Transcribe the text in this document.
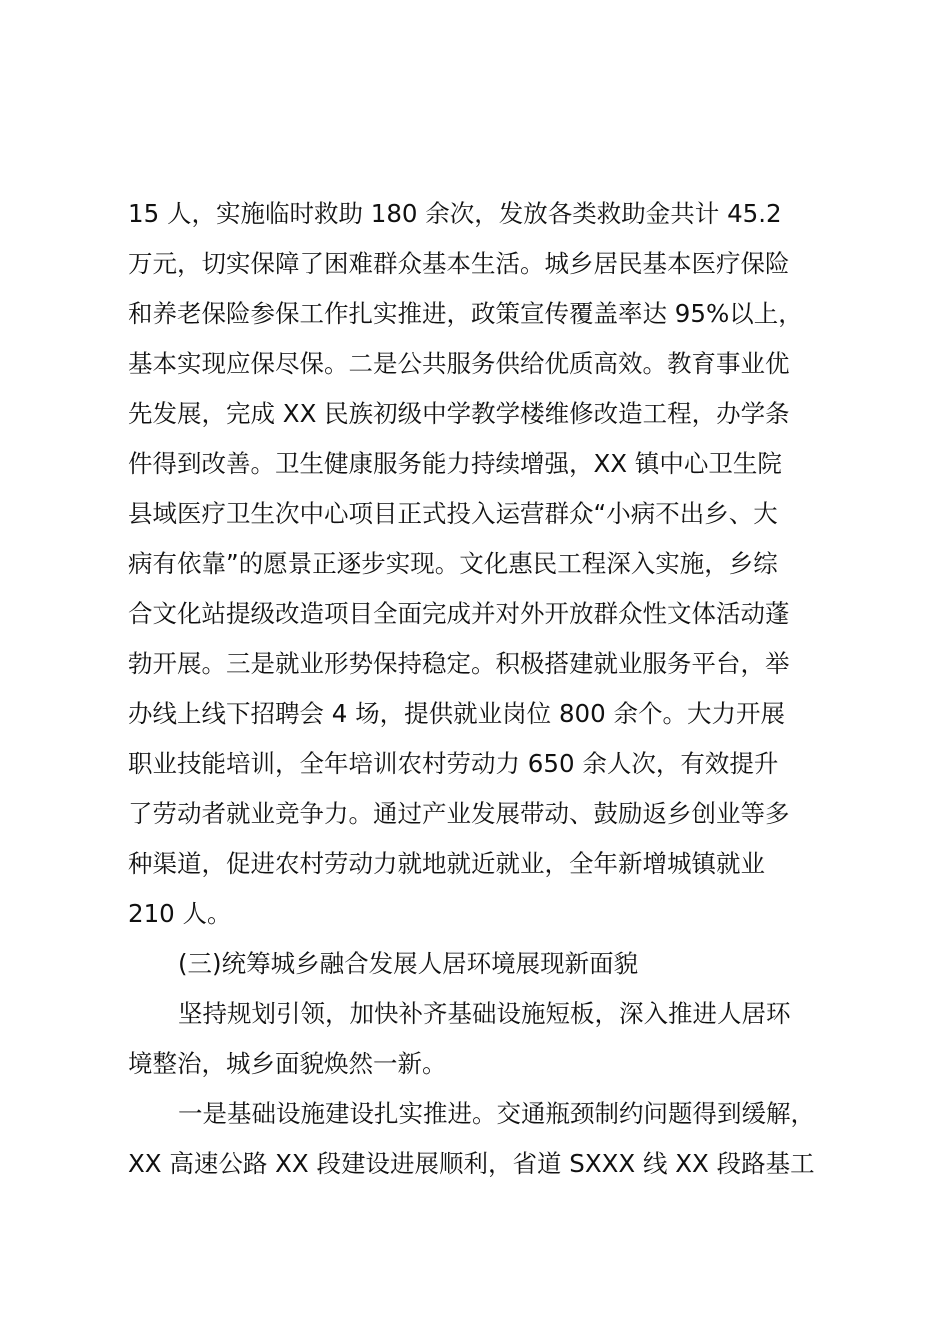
15 人，实施临时救助 180 余次，发放各类救助金共计 45.2
万元，切实保障了困难群众基本生活。城乡居民基本医疗保险
和养老保险参保工作扎实推进，政策宣传覆盖率达 95%以上，
基本实现应保尽保。二是公共服务供给优质高效。教育事业优
先发展，完成 XX 民族初级中学教学楼维修改造工程，办学条
件得到改善。卫生健康服务能力持续增强，XX 镇中心卫生院
县域医疗卫生次中心项目正式投入运营群众“小病不出乡、大
病有依靠”的愿景正逐步实现。文化惠民工程深入实施，乡综
合文化站提级改造项目全面完成并对外开放群众性文体活动蓬
勃开展。三是就业形势保持稳定。积极搭建就业服务平台，举
办线上线下招聘会 4 场，提供就业岗位 800 余个。大力开展
职业技能培训，全年培训农村劳动力 650 余人次，有效提升
了劳动者就业竞争力。通过产业发展带动、鼓励返乡创业等多
种渠道，促进农村劳动力就地就近就业，全年新增城镇就业
210 人。
(三)统筹城乡融合发展人居环境展现新面貌
坚持规划引领，加快补齐基础设施短板，深入推进人居环
境整治，城乡面貌焕然一新。
一是基础设施建设扎实推进。交通瓶颈制约问题得到缓解，
XX 高速公路 XX 段建设进展顺利，省道 SXXX 线 XX 段路基工
